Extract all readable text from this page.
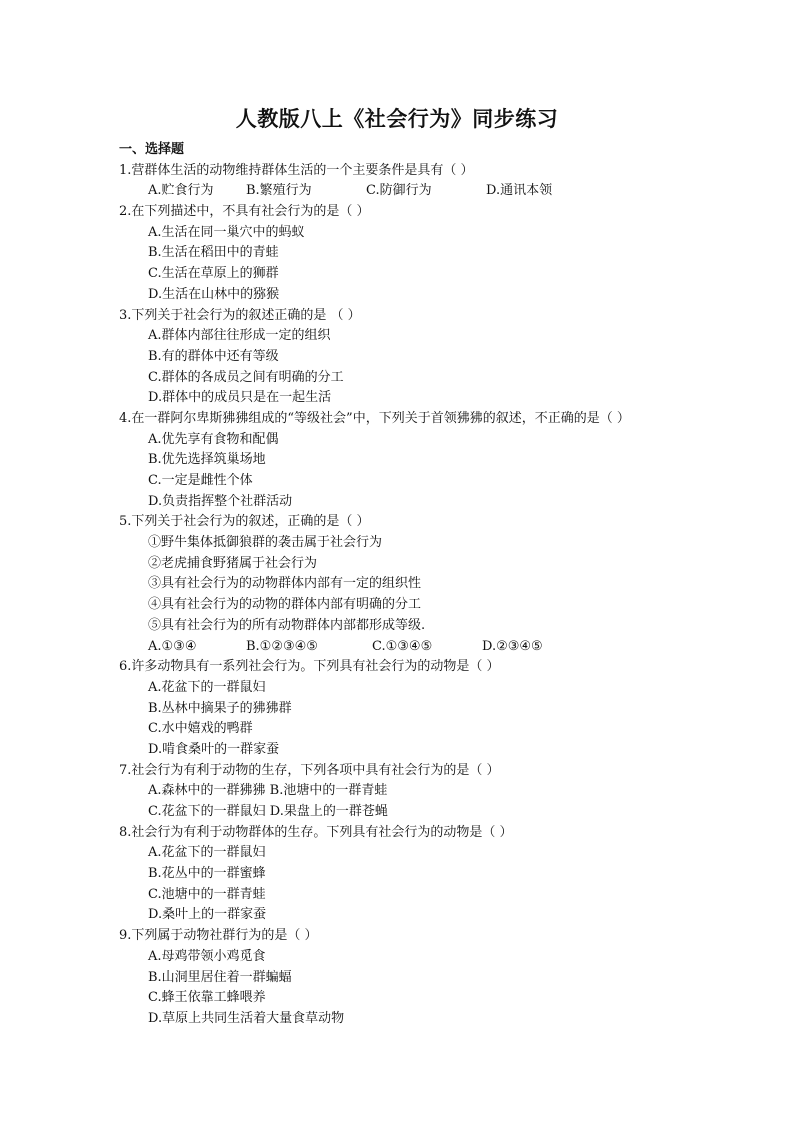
人教版八上《社会行为》同步练习
一、选择题
1.营群体生活的动物维持群体生活的一个主要条件是具有（ ）
A.贮食行为	B.繁殖行为	C.防御行为	D.通讯本领
2.在下列描述中，不具有社会行为的是（ ）
A.生活在同一巢穴中的蚂蚁
B.生活在稻田中的青蛙
C.生活在草原上的狮群
D.生活在山林中的猕猴
3.下列关于社会行为的叙述正确的是 （ ）
A.群体内部往往形成一定的组织
B.有的群体中还有等级
C.群体的各成员之间有明确的分工
D.群体中的成员只是在一起生活
4.在一群阿尔卑斯狒狒组成的“等级社会”中，下列关于首领狒狒的叙述，不正确的是（ ）
A.优先享有食物和配偶
B.优先选择筑巢场地
C.一定是雌性个体
D.负责指挥整个社群活动
5.下列关于社会行为的叙述，正确的是（ ）
①野牛集体抵御狼群的袭击属于社会行为
②老虎捕食野猪属于社会行为
③具有社会行为的动物群体内部有一定的组织性
④具有社会行为的动物的群体内部有明确的分工
⑤具有社会行为的所有动物群体内部都形成等级.
A.①③④	B.①②③④⑤	C.①③④⑤	D.②③④⑤
6.许多动物具有一系列社会行为。下列具有社会行为的动物是（ ）
A.花盆下的一群鼠妇
B.丛林中摘果子的狒狒群
C.水中嬉戏的鸭群
D.啃食桑叶的一群家蚕
7.社会行为有利于动物的生存，下列各项中具有社会行为的是（ ）
A.森林中的一群狒狒 B.池塘中的一群青蛙
C.花盆下的一群鼠妇 D.果盘上的一群苍蝇
8.社会行为有利于动物群体的生存。下列具有社会行为的动物是（ ）
A.花盆下的一群鼠妇
B.花丛中的一群蜜蜂
C.池塘中的一群青蛙
D.桑叶上的一群家蚕
9.下列属于动物社群行为的是（ ）
A.母鸡带领小鸡觅食
B.山洞里居住着一群蝙蝠
C.蜂王依靠工蜂喂养
D.草原上共同生活着大量食草动物
